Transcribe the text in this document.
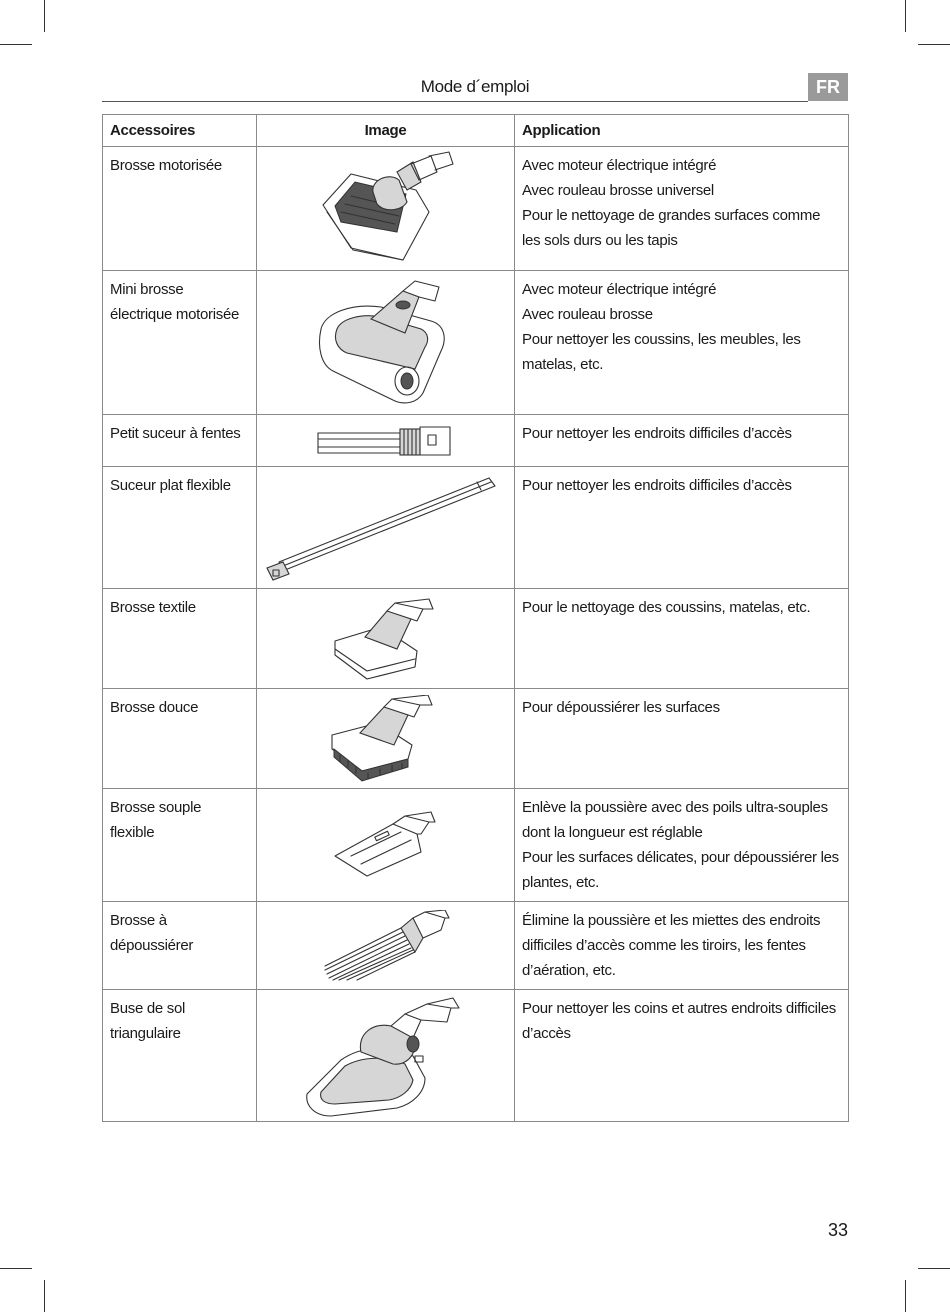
Mode d´emploi	FR
Accessoires	Image	Application
Brosse motorisée		Avec moteur électrique intégré

Avec rouleau brosse universel

Pour le nettoyage de grandes surfaces comme les sols durs ou les tapis

Mini brosse électrique motorisée		Avec moteur électrique intégré

Avec rouleau brosse

Pour nettoyer les coussins, les meubles, les matelas, etc.

Petit suceur à fentes		Pour nettoyer les endroits difficiles d’accès

Suceur plat flexible		Pour nettoyer les endroits difficiles d’accès

Brosse textile		Pour le nettoyage des coussins, matelas, etc.

Brosse douce		Pour dépoussiérer les surfaces

Brosse souple flexible		Enlève la poussière avec des poils ultra-souples dont la longueur est réglable

Pour les surfaces délicates, pour dépoussiérer les plantes, etc.

Brosse à dépoussiérer		Élimine la poussière et les miettes des endroits difficiles d’accès comme les tiroirs, les fentes d’aération, etc.

Buse de sol triangulaire		Pour nettoyer les coins et autres endroits difficiles d’accès

33
